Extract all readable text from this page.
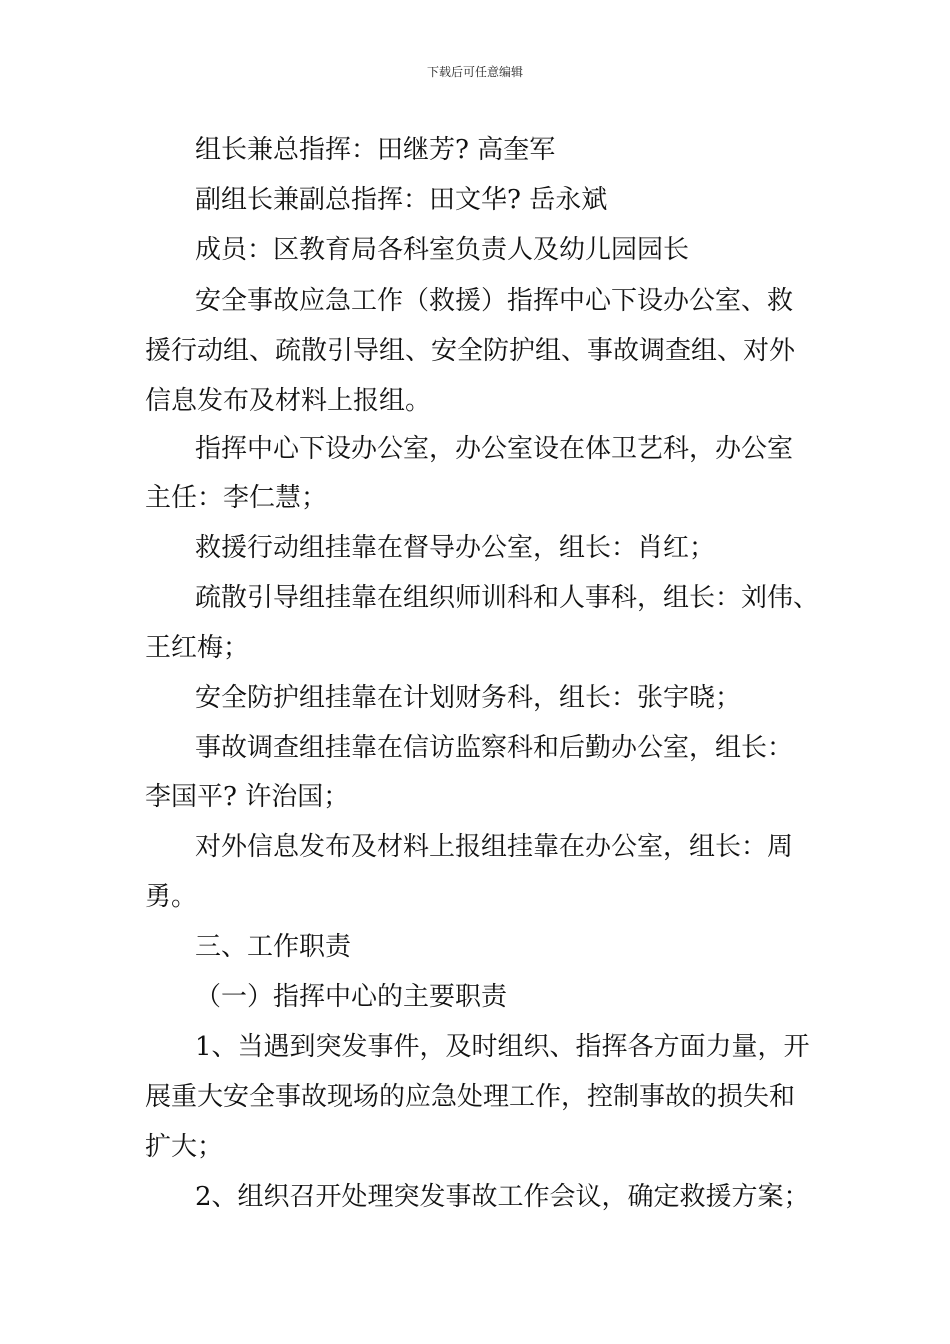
下载后可任意编辑
组长兼总指挥：田继芳? 高奎军
副组长兼副总指挥：田文华? 岳永斌
成员：区教育局各科室负责人及幼儿园园长
安全事故应急工作（救援）指挥中心下设办公室、救
援行动组、疏散引导组、安全防护组、事故调查组、对外
信息发布及材料上报组。
指挥中心下设办公室，办公室设在体卫艺科，办公室
主任：李仁慧；
救援行动组挂靠在督导办公室，组长：肖红；
疏散引导组挂靠在组织师训科和人事科，组长：刘伟、
王红梅；
安全防护组挂靠在计划财务科，组长：张宇晓；
事故调查组挂靠在信访监察科和后勤办公室，组长：
李国平? 许治国；
对外信息发布及材料上报组挂靠在办公室，组长：周
勇。
三、工作职责
（一）指挥中心的主要职责
1、当遇到突发事件，及时组织、指挥各方面力量，开
展重大安全事故现场的应急处理工作，控制事故的损失和
扩大；
2、组织召开处理突发事故工作会议，确定救援方案；
